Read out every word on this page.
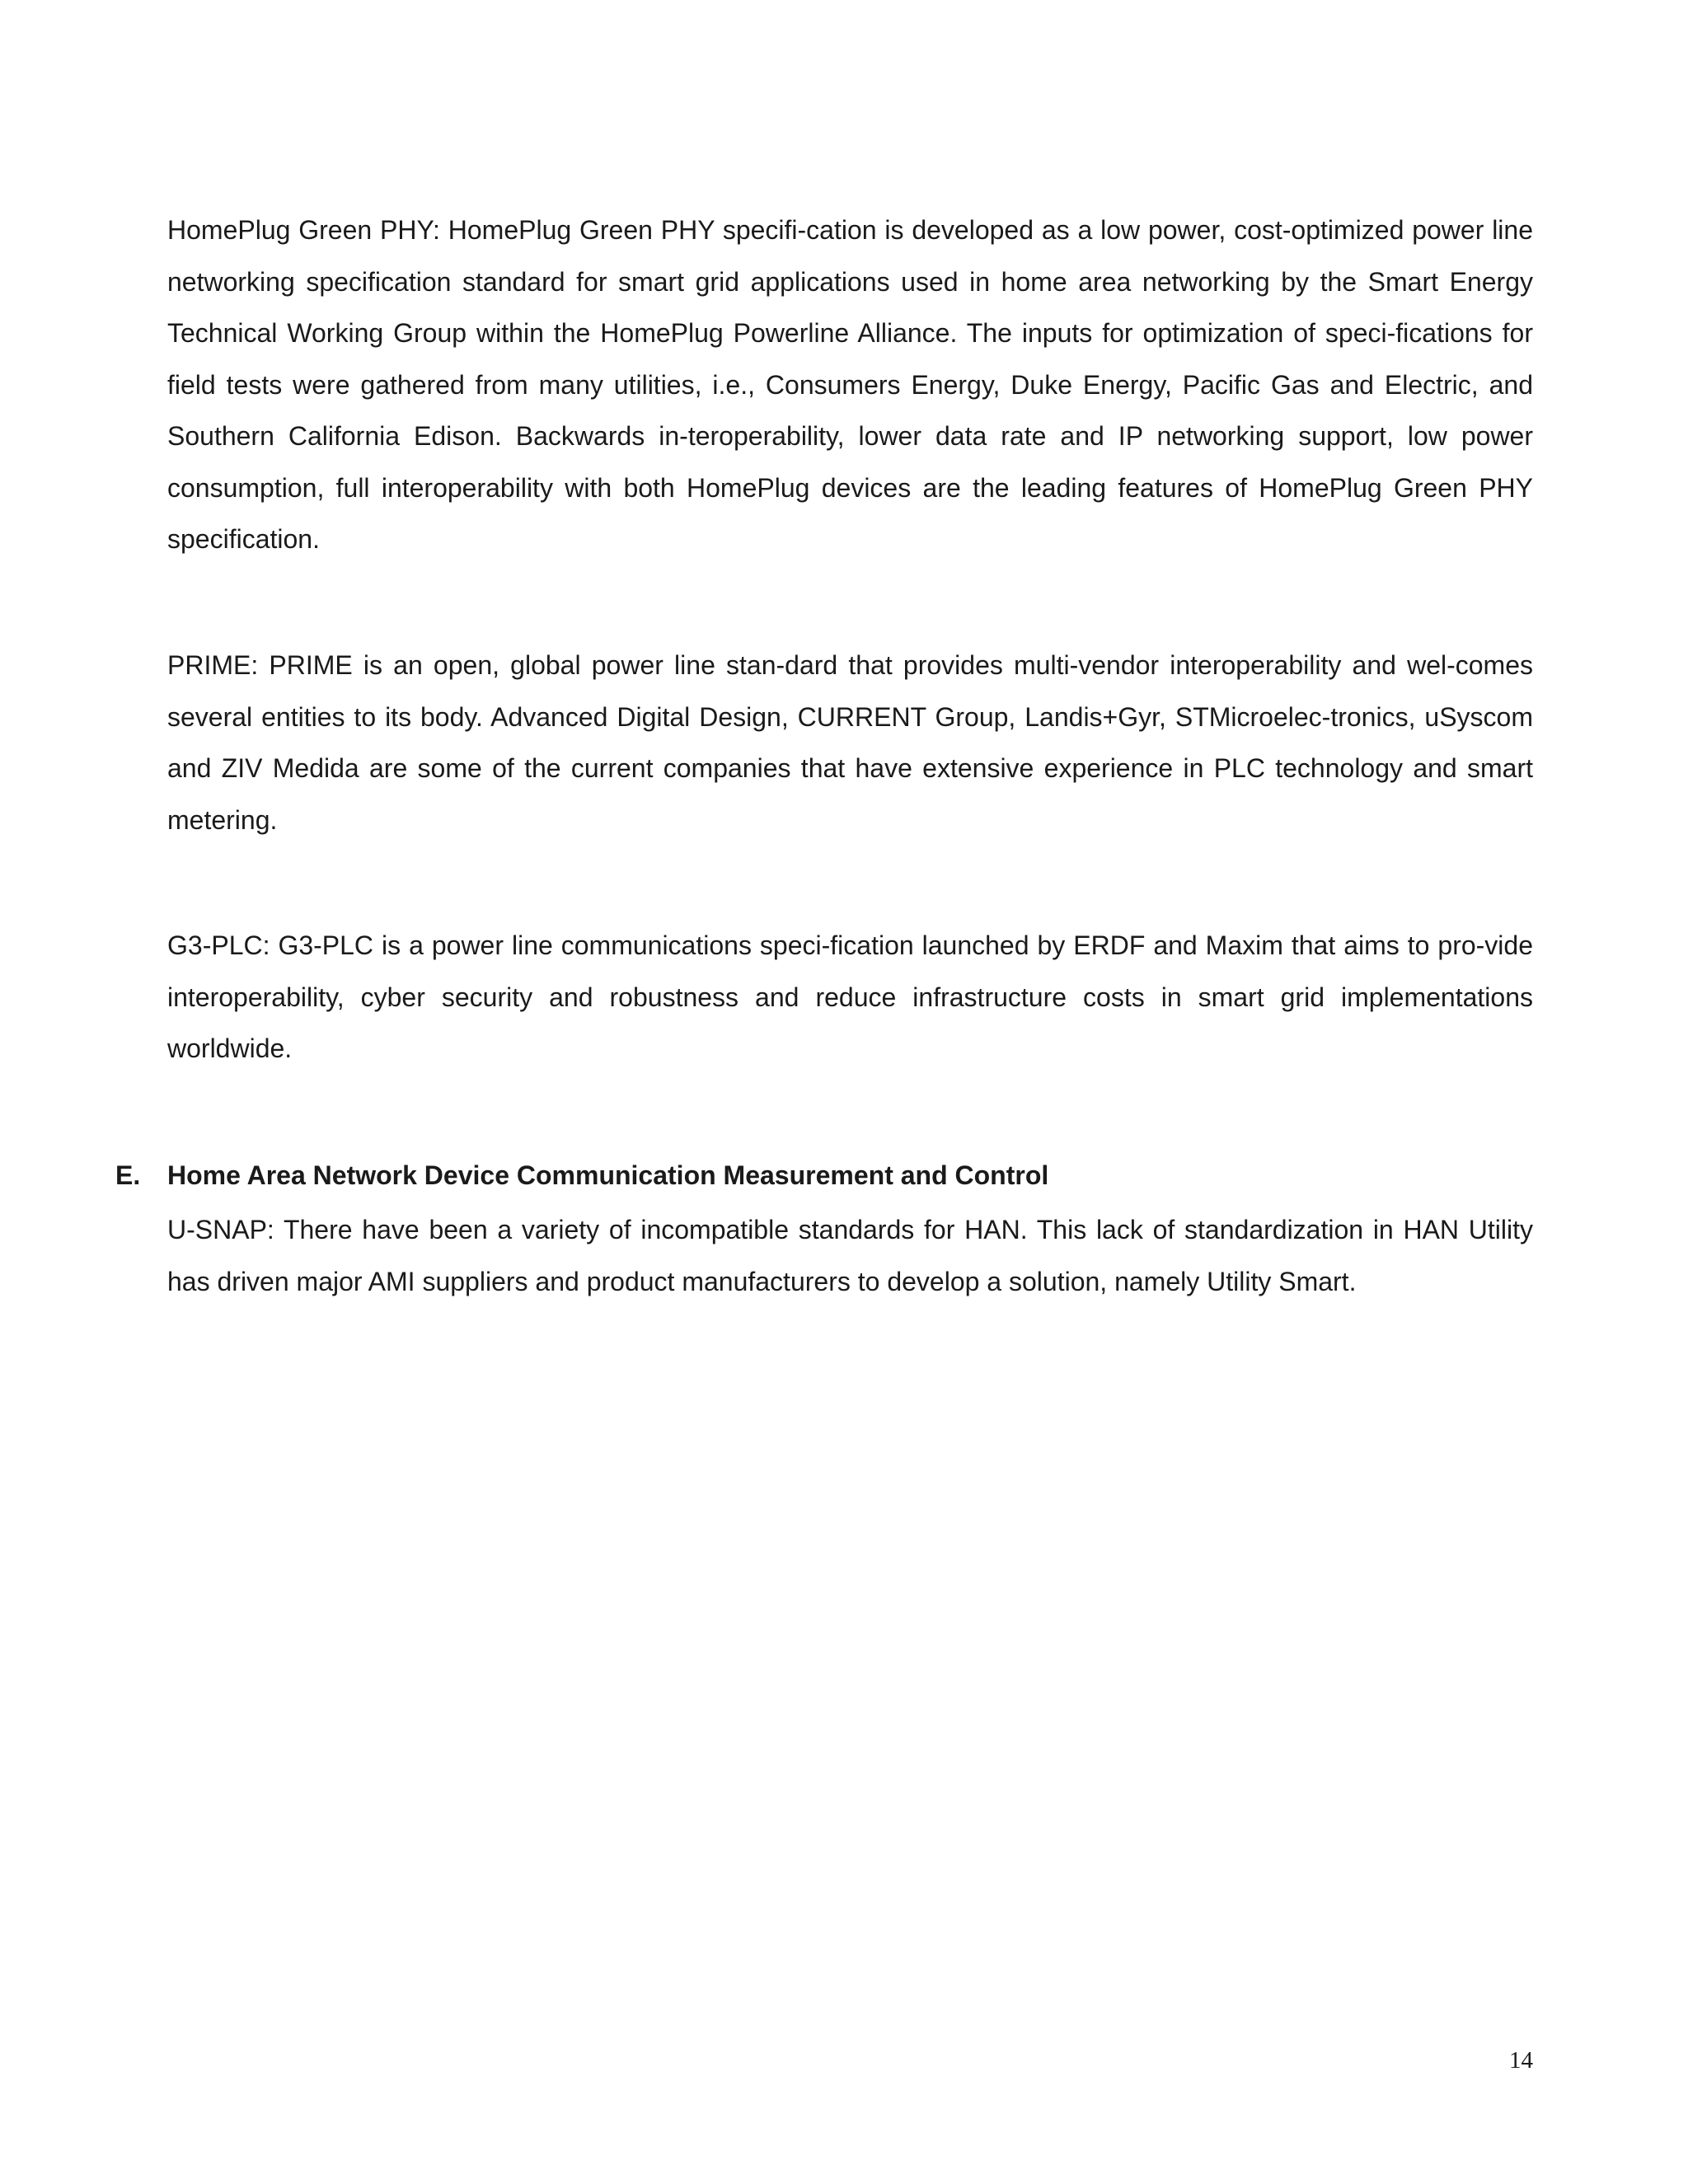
HomePlug Green PHY: HomePlug Green PHY specifi-cation is developed as a low power, cost-optimized power line networking specification standard for smart grid applications used in home area networking by the Smart Energy Technical Working Group within the HomePlug Powerline Alliance. The inputs for optimization of speci-fications for field tests were gathered from many utilities, i.e., Consumers Energy, Duke Energy, Pacific Gas and Electric, and Southern California Edison. Backwards in-teroperability, lower data rate and IP networking support, low power consumption, full interoperability with both HomePlug devices are the leading features of HomePlug Green PHY specification.

PRIME: PRIME is an open, global power line stan-dard that provides multi-vendor interoperability and wel-comes several entities to its body. Advanced Digital Design, CURRENT Group, Landis+Gyr, STMicroelec-tronics, uSyscom and ZIV Medida are some of the current companies that have extensive experience in PLC technology and smart metering.

G3-PLC: G3-PLC is a power line communications speci-fication launched by ERDF and Maxim that aims to pro-vide interoperability, cyber security and robustness and reduce infrastructure costs in smart grid implementations worldwide.

E. Home Area Network Device Communication Measurement and Control

U-SNAP: There have been a variety of incompatible standards for HAN. This lack of standardization in HAN Utility has driven major AMI suppliers and product manufacturers to develop a solution, namely Utility Smart.

14
